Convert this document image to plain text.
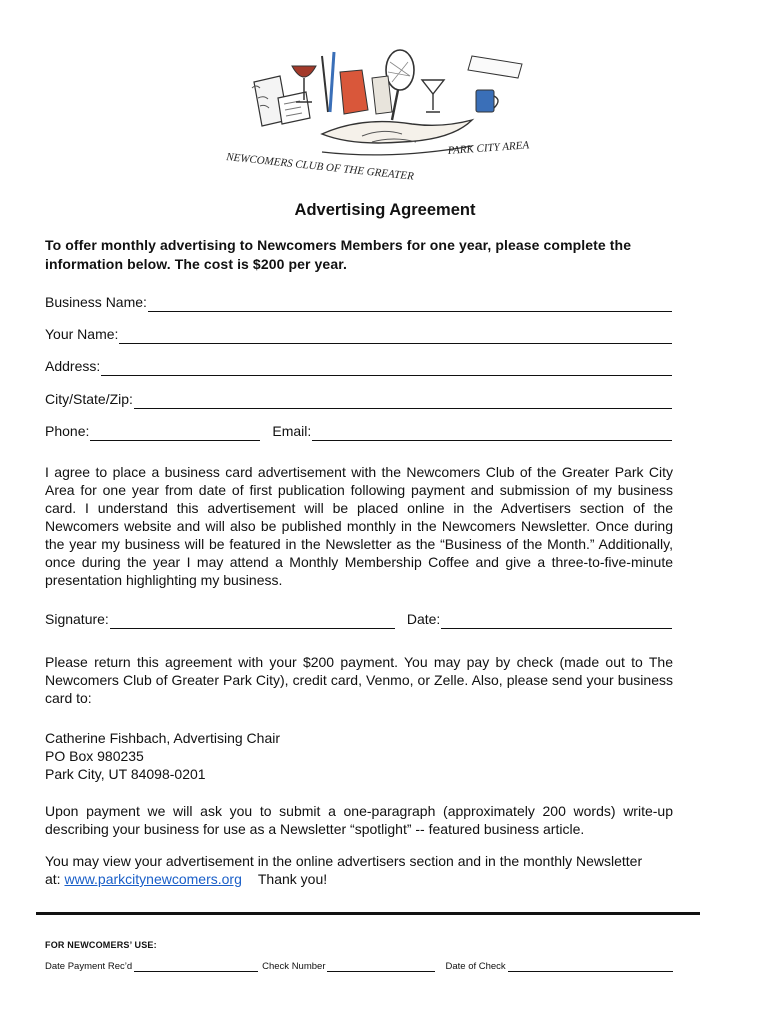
NEWCOMERS CLUB OF THE GREATER
PARK CITY AREA
Advertising Agreement
To offer monthly advertising to Newcomers Members for one year, please complete the information below. The cost is $200 per year.
Business Name:
Your Name:
Address:
City/State/Zip:
Phone:	Email:

I agree to place a business card advertisement with the Newcomers Club of the Greater Park City Area for one year from date of first publication following payment and submission of my business card. I understand this advertisement will be placed online in the Advertisers section of the Newcomers website and will also be published monthly in the Newcomers Newsletter. Once during the year my business will be featured in the Newsletter as the “Business of the Month.” Additionally, once during the year I may attend a Monthly Membership Coffee and give a three-to-five-minute presentation highlighting my business.

Signature:	Date:

Please return this agreement with your $200 payment. You may pay by check (made out to The Newcomers Club of Greater Park City), credit card, Venmo, or Zelle. Also, please send your business card to:

Catherine Fishbach, Advertising Chair
PO Box 980235
Park City, UT 84098-0201

Upon payment we will ask you to submit a one-paragraph (approximately 200 words) write-up describing your business for use as a Newsletter “spotlight” -- featured business article.

You may view your advertisement in the online advertisers section and in the monthly Newsletter
at: www.parkcitynewcomers.org Thank you!
FOR NEWCOMERS’ USE:
Date Payment Rec’d	Check Number	Date of Check
